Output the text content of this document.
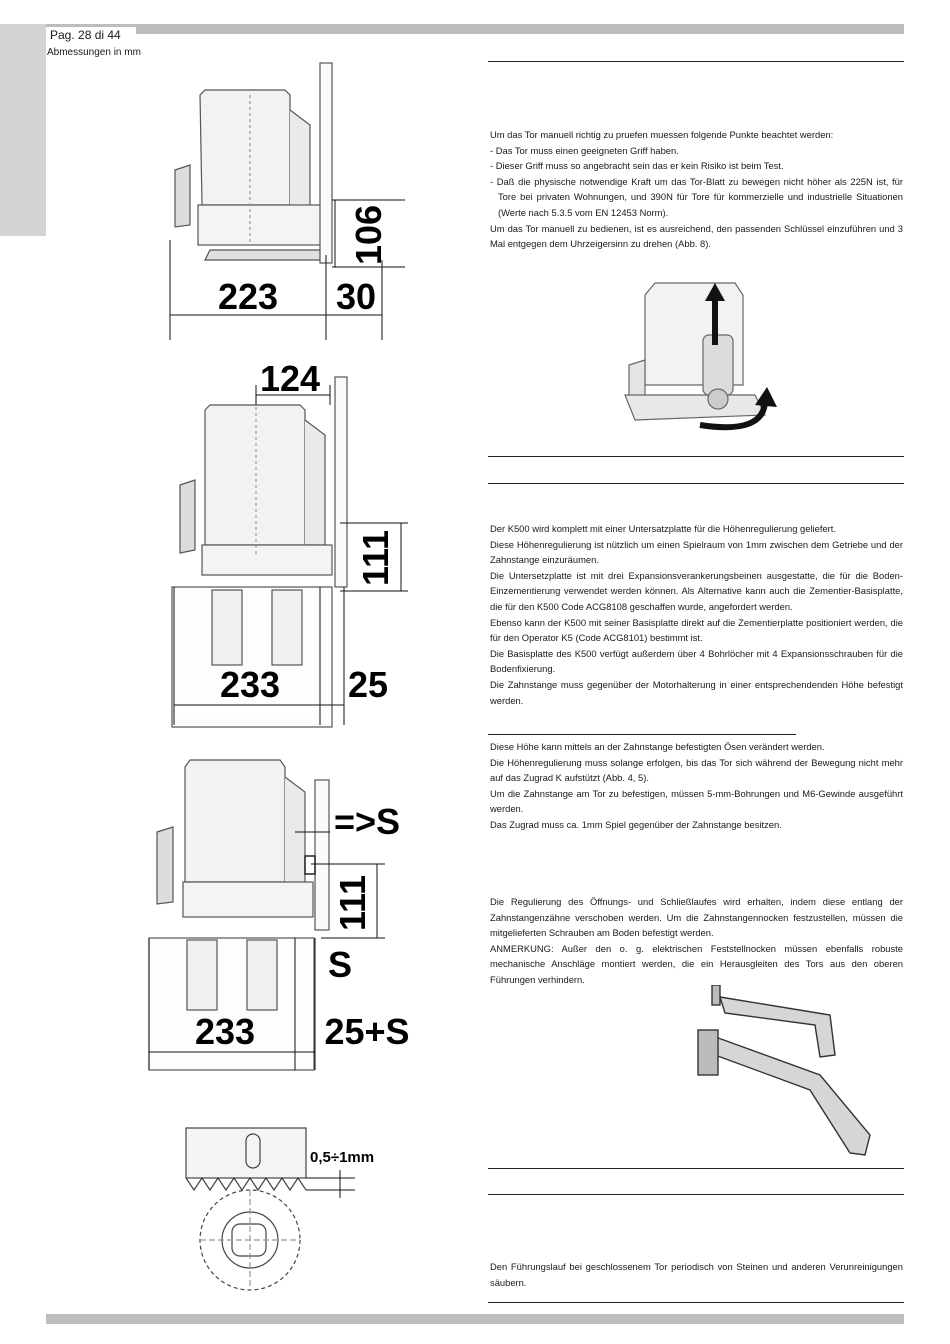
Pag. 28 di 44
Abmessungen in mm
223 30
106
124
233 25
111
=>S
S
233 25+S
111
0,5÷1mm

Um das Tor manuell richtig zu pruefen muessen folgende Punkte beachtet werden:

- Das Tor muss einen geeigneten Griff haben.

- Dieser Griff muss so angebracht sein das er kein Risiko ist beim Test.

- Daß die physische notwendige Kraft um das Tor-Blatt zu bewegen nicht höher als 225N ist, für Tore bei privaten Wohnungen, und 390N für Tore für kommerzielle und industrielle Situationen (Werte nach 5.3.5 vom EN 12453 Norm).

Um das Tor manuell zu bedienen, ist es ausreichend, den passenden Schlüssel einzuführen und 3 Mal entgegen dem Uhrzeigersinn zu drehen (Abb. 8).

Der K500 wird komplett mit einer Untersatzplatte für die Höhenregulierung geliefert.

Diese Höhenregulierung ist nützlich um einen Spielraum von 1mm zwischen dem Getriebe und der Zahnstange einzuräumen.

Die Untersetzplatte ist mit drei Expansionsverankerungsbeinen ausgestatte, die für die Boden-Einzementierung verwendet werden können. Als Alternative kann auch die Zementier-Basisplatte, die für den K500 Code ACG8108 geschaffen wurde, angefordert werden.

Ebenso kann der K500 mit seiner Basisplatte direkt auf die Zementierplatte positioniert werden, die für den Operator K5 (Code ACG8101) bestimmt ist.

Die Basisplatte des K500 verfügt außerdem über 4 Bohrlöcher mit 4 Expansionsschrauben für die Bodenfixierung.

Die Zahnstange muss gegenüber der Motorhalterung in einer entsprechendenden Höhe befestigt werden.

Diese Höhe kann mittels an der Zahnstange befestigten Ösen verändert werden.

Die Höhenregulierung muss solange erfolgen, bis das Tor sich während der Bewegung nicht mehr auf das Zugrad K aufstützt (Abb. 4, 5).

Um die Zahnstange am Tor zu befestigen, müssen 5-mm-Bohrungen und M6-Gewinde ausgeführt werden.

Das Zugrad muss ca. 1mm Spiel gegenüber der Zahnstange besitzen.

Die Regulierung des Öffnungs- und Schließlaufes wird erhalten, indem diese entlang der Zahnstangenzähne verschoben werden. Um die Zahnstangennocken festzustellen, müssen die mitgelieferten Schrauben am Boden befestigt werden.

ANMERKUNG: Außer den o. g. elektrischen Feststellnocken müssen ebenfalls robuste mechanische Anschläge montiert werden, die ein Herausgleiten des Tors aus den oberen Führungen verhindern.

Den Führungslauf bei geschlossenem Tor periodisch von Steinen und anderen Verunreinigungen säubern.
